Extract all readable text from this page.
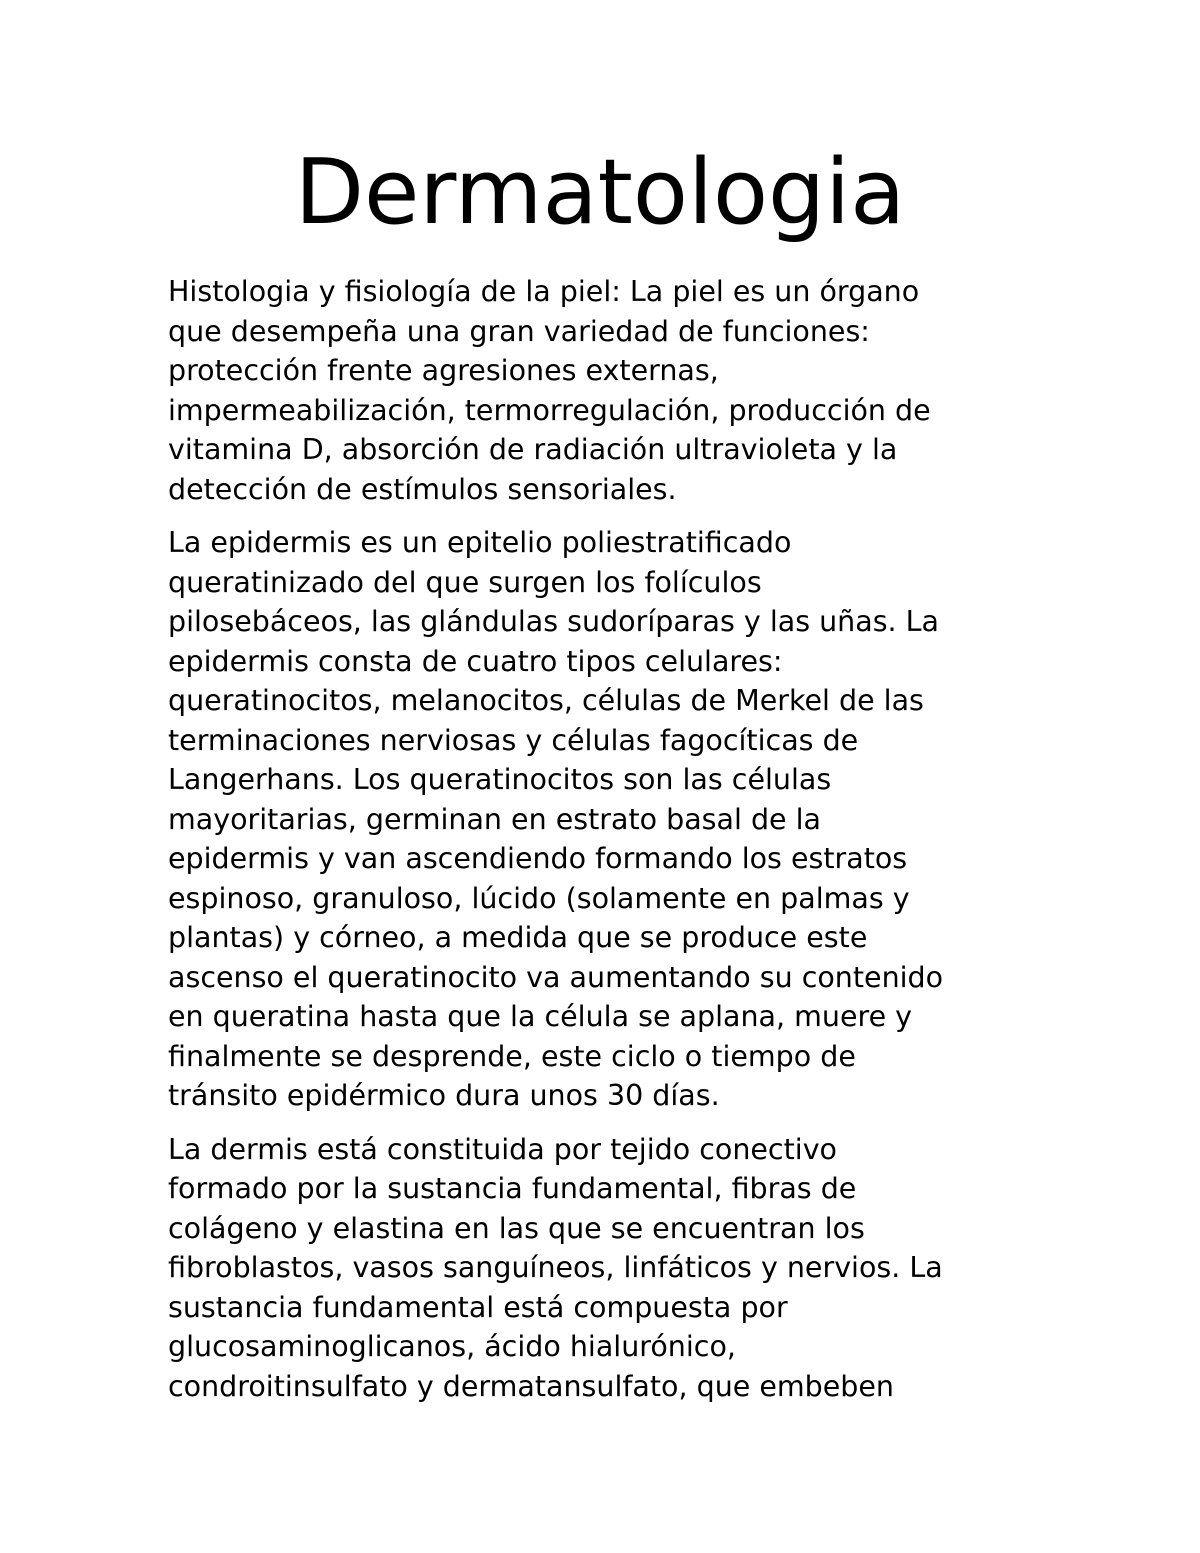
Dermatologia

Histologia y fisiología de la piel: La piel es un órgano
que desempeña una gran variedad de funciones:
protección frente agresiones externas,
impermeabilización, termorregulación, producción de
vitamina D, absorción de radiación ultravioleta y la
detección de estímulos sensoriales.

La epidermis es un epitelio poliestratificado
queratinizado del que surgen los folículos
pilosebáceos, las glándulas sudoríparas y las uñas. La
epidermis consta de cuatro tipos celulares:
queratinocitos, melanocitos, células de Merkel de las
terminaciones nerviosas y células fagocíticas de
Langerhans. Los queratinocitos son las células
mayoritarias, germinan en estrato basal de la
epidermis y van ascendiendo formando los estratos
espinoso, granuloso, lúcido (solamente en palmas y
plantas) y córneo, a medida que se produce este
ascenso el queratinocito va aumentando su contenido
en queratina hasta que la célula se aplana, muere y
finalmente se desprende, este ciclo o tiempo de
tránsito epidérmico dura unos 30 días.

La dermis está constituida por tejido conectivo
formado por la sustancia fundamental, fibras de
colágeno y elastina en las que se encuentran los
fibroblastos, vasos sanguíneos, linfáticos y nervios. La
sustancia fundamental está compuesta por
glucosaminoglicanos, ácido hialurónico,
condroitinsulfato y dermatansulfato, que embeben
